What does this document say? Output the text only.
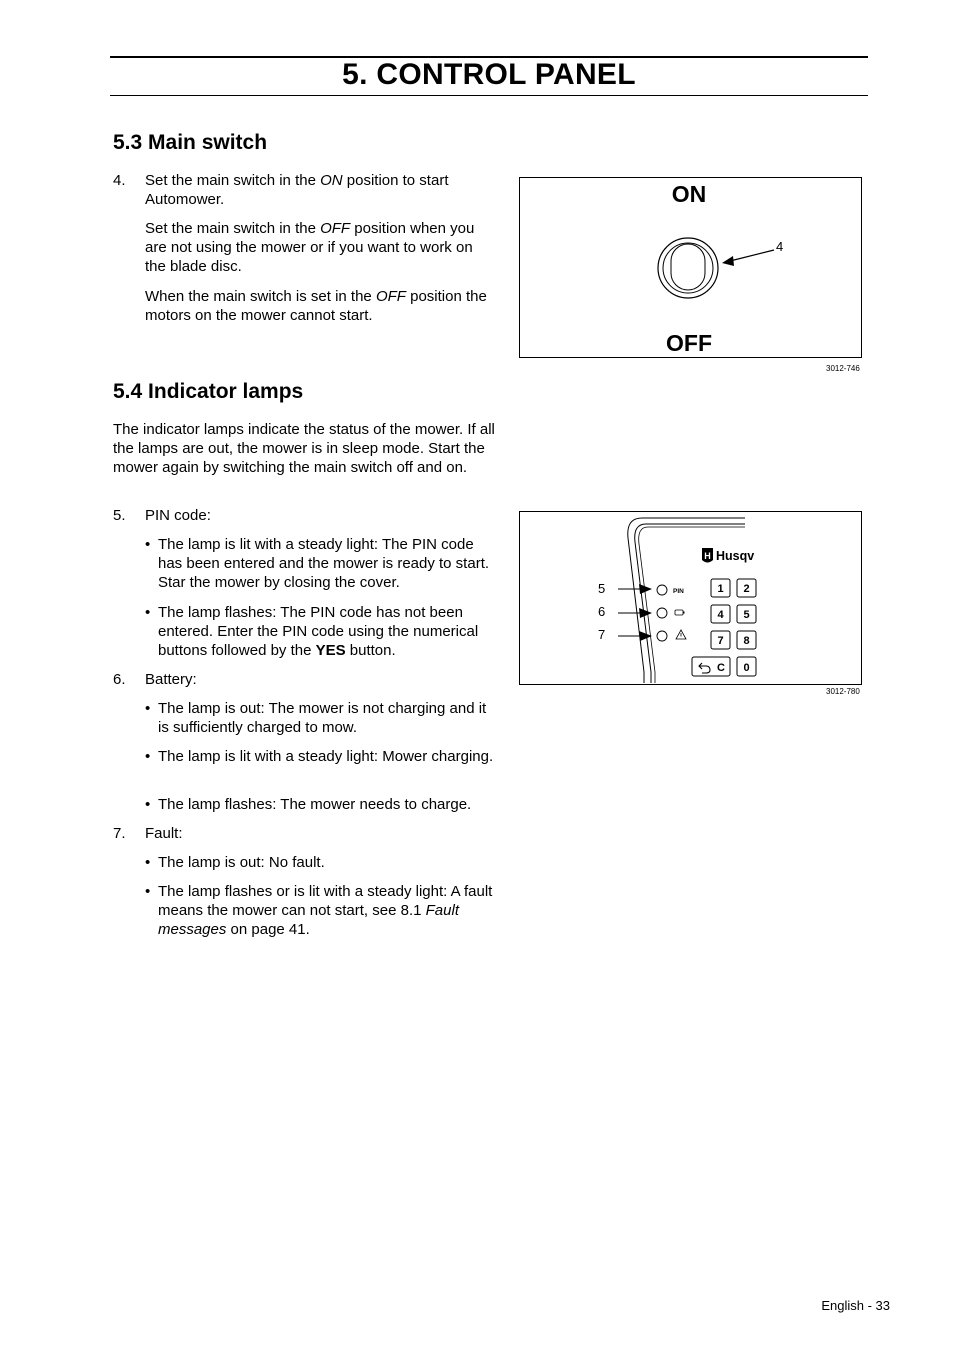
5. CONTROL PANEL
5.3 Main switch
4. Set the main switch in the ON position to start Automower.
Set the main switch in the OFF position when you are not using the mower or if you want to work on the blade disc.
When the main switch is set in the OFF position the motors on the mower cannot start.
ON
4
OFF
3012-746
5.4 Indicator lamps
The indicator lamps indicate the status of the mower. If all the lamps are out, the mower is in sleep mode. Start the mower again by switching the main switch off and on.
5. PIN code:
• The lamp is lit with a steady light: The PIN code has been entered and the mower is ready to start. Star the mower by closing the cover.
• The lamp flashes: The PIN code has not been entered. Enter the PIN code using the numerical buttons followed by the YES button.
6. Battery:
• The lamp is out: The mower is not charging and it is sufficiently charged to mow.
• The lamp is lit with a steady light: Mower charging.
• The lamp flashes: The mower needs to charge.
7. Fault:
• The lamp is out: No fault.
• The lamp flashes or is lit with a steady light: A fault means the mower can not start, see 8.1 Fault messages on page 41.
H Husqv
5
6
7
PIN	1 2
4 5
7 8
C 0
3012-780
English - 33
